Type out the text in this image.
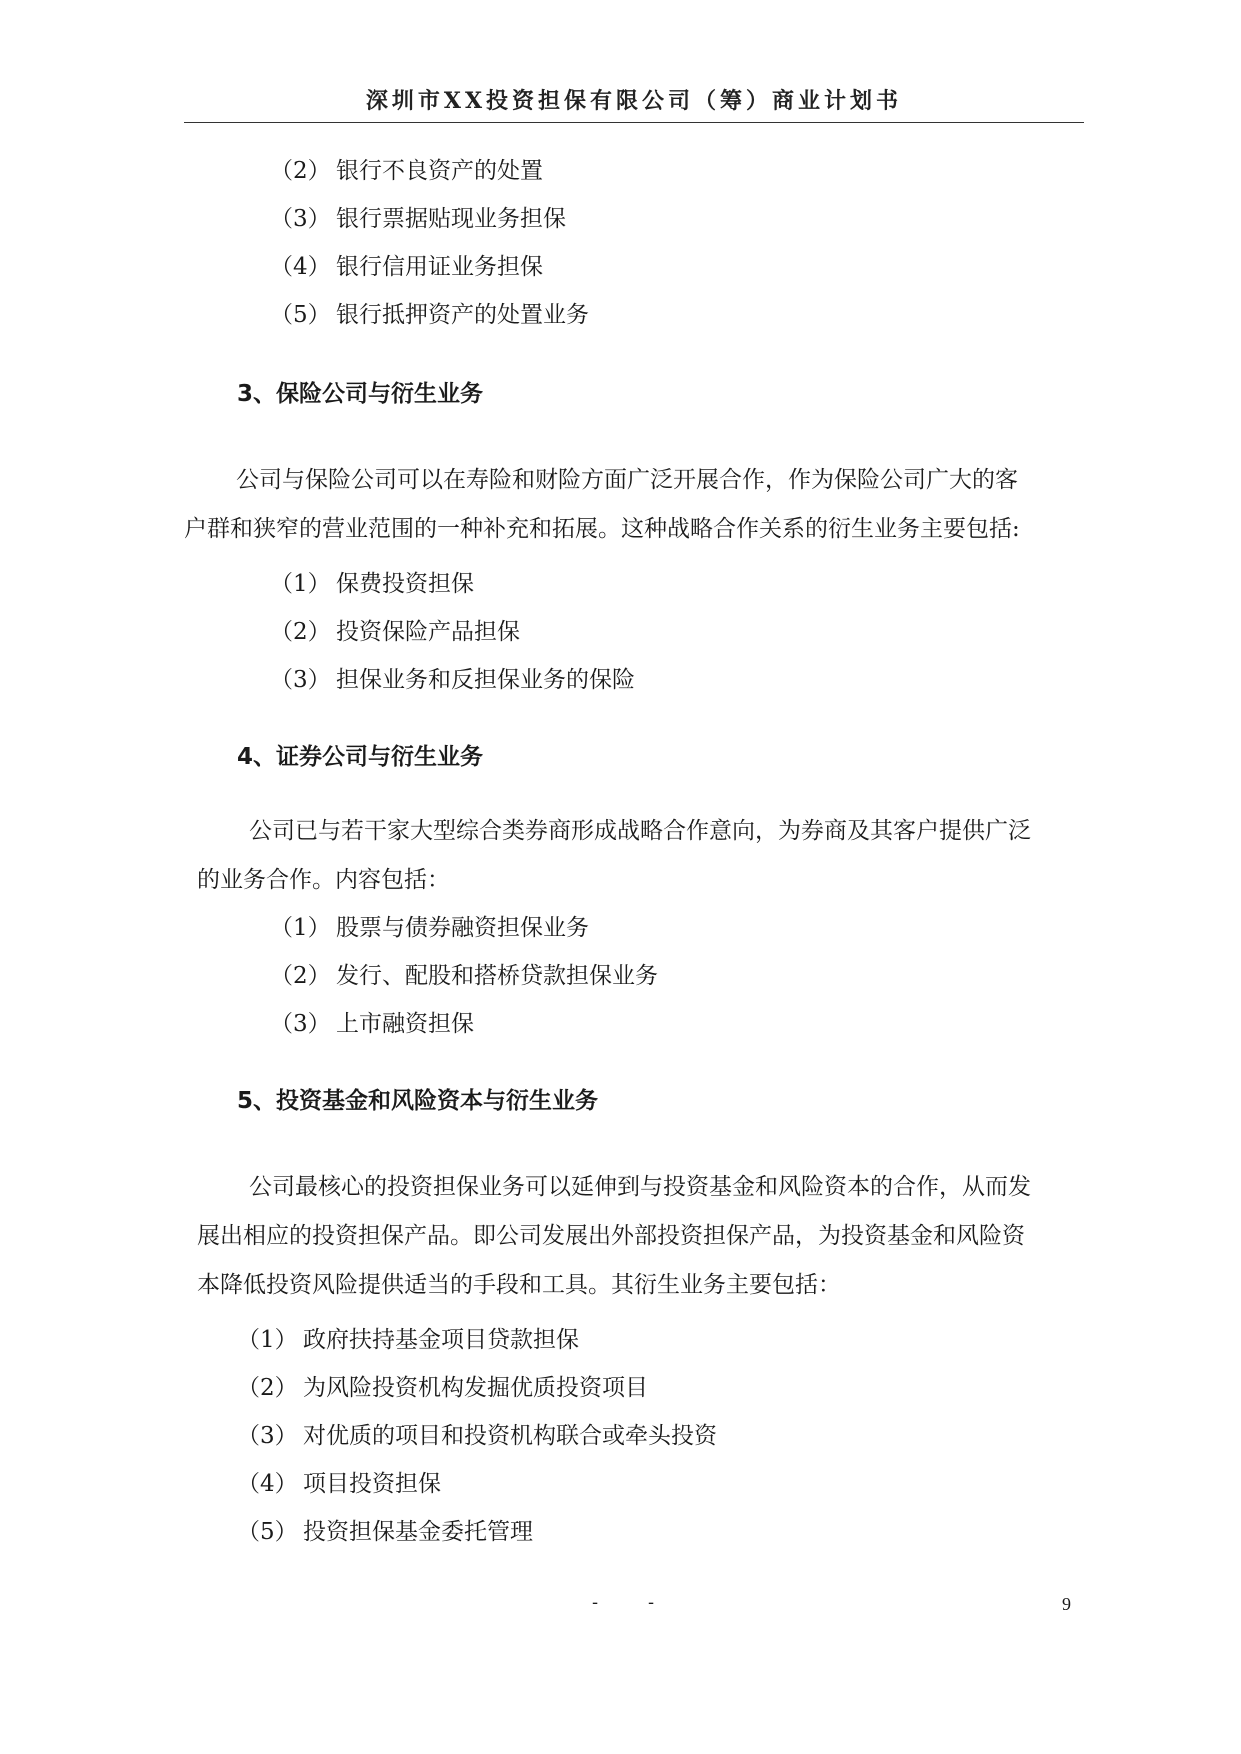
深圳市XX投资担保有限公司（筹）商业计划书
（2） 银行不良资产的处置
（3） 银行票据贴现业务担保
（4） 银行信用证业务担保
（5） 银行抵押资产的处置业务
3、保险公司与衍生业务
公司与保险公司可以在寿险和财险方面广泛开展合作，作为保险公司广大的客
户群和狭窄的营业范围的一种补充和拓展。这种战略合作关系的衍生业务主要包括:
（1） 保费投资担保
（2） 投资保险产品担保
（3） 担保业务和反担保业务的保险
4、证券公司与衍生业务
公司已与若干家大型综合类券商形成战略合作意向，为券商及其客户提供广泛
的业务合作。内容包括：
（1） 股票与债券融资担保业务
（2） 发行、配股和搭桥贷款担保业务
（3） 上市融资担保
5、投资基金和风险资本与衍生业务
公司最核心的投资担保业务可以延伸到与投资基金和风险资本的合作，从而发
展出相应的投资担保产品。即公司发展出外部投资担保产品，为投资基金和风险资
本降低投资风险提供适当的手段和工具。其衍生业务主要包括：
（1） 政府扶持基金项目贷款担保
（2） 为风险投资机构发掘优质投资项目
（3） 对优质的项目和投资机构联合或牵头投资
（4） 项目投资担保
（5） 投资担保基金委托管理
-	-	9
